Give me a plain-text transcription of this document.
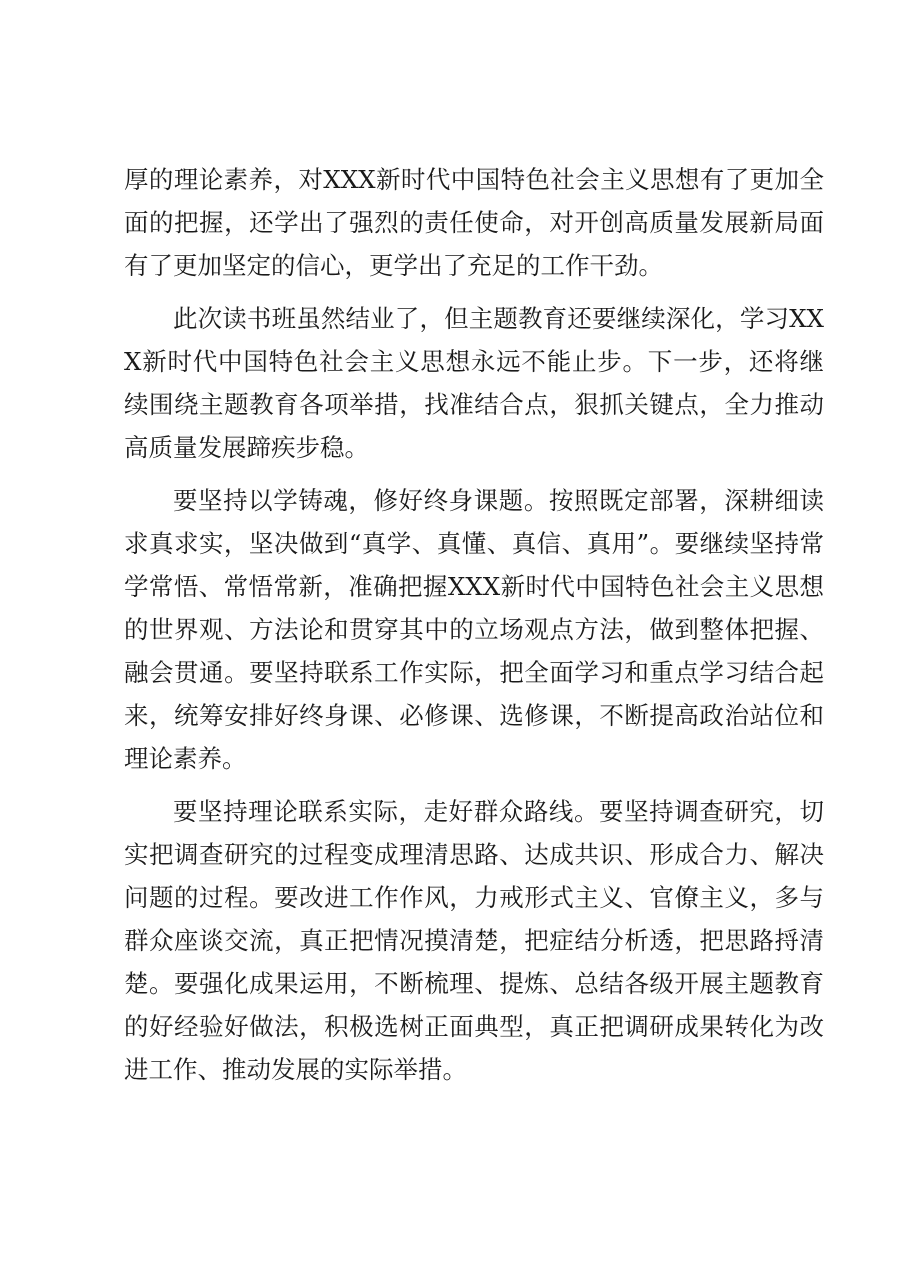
厚的理论素养，对XXX新时代中国特色社会主义思想有了更加全面的把握，还学出了强烈的责任使命，对开创高质量发展新局面有了更加坚定的信心，更学出了充足的工作干劲。

此次读书班虽然结业了，但主题教育还要继续深化，学习XXX新时代中国特色社会主义思想永远不能止步。下一步，还将继续围绕主题教育各项举措，找准结合点，狠抓关键点，全力推动高质量发展蹄疾步稳。

要坚持以学铸魂，修好终身课题。按照既定部署，深耕细读求真求实，坚决做到“真学、真懂、真信、真用”。要继续坚持常学常悟、常悟常新，准确把握XXX新时代中国特色社会主义思想的世界观、方法论和贯穿其中的立场观点方法，做到整体把握、融会贯通。要坚持联系工作实际，把全面学习和重点学习结合起来，统筹安排好终身课、必修课、选修课，不断提高政治站位和理论素养。

要坚持理论联系实际，走好群众路线。要坚持调查研究，切实把调查研究的过程变成理清思路、达成共识、形成合力、解决问题的过程。要改进工作作风，力戒形式主义、官僚主义，多与群众座谈交流，真正把情况摸清楚，把症结分析透，把思路捋清楚。要强化成果运用，不断梳理、提炼、总结各级开展主题教育的好经验好做法，积极选树正面典型，真正把调研成果转化为改进工作、推动发展的实际举措。
